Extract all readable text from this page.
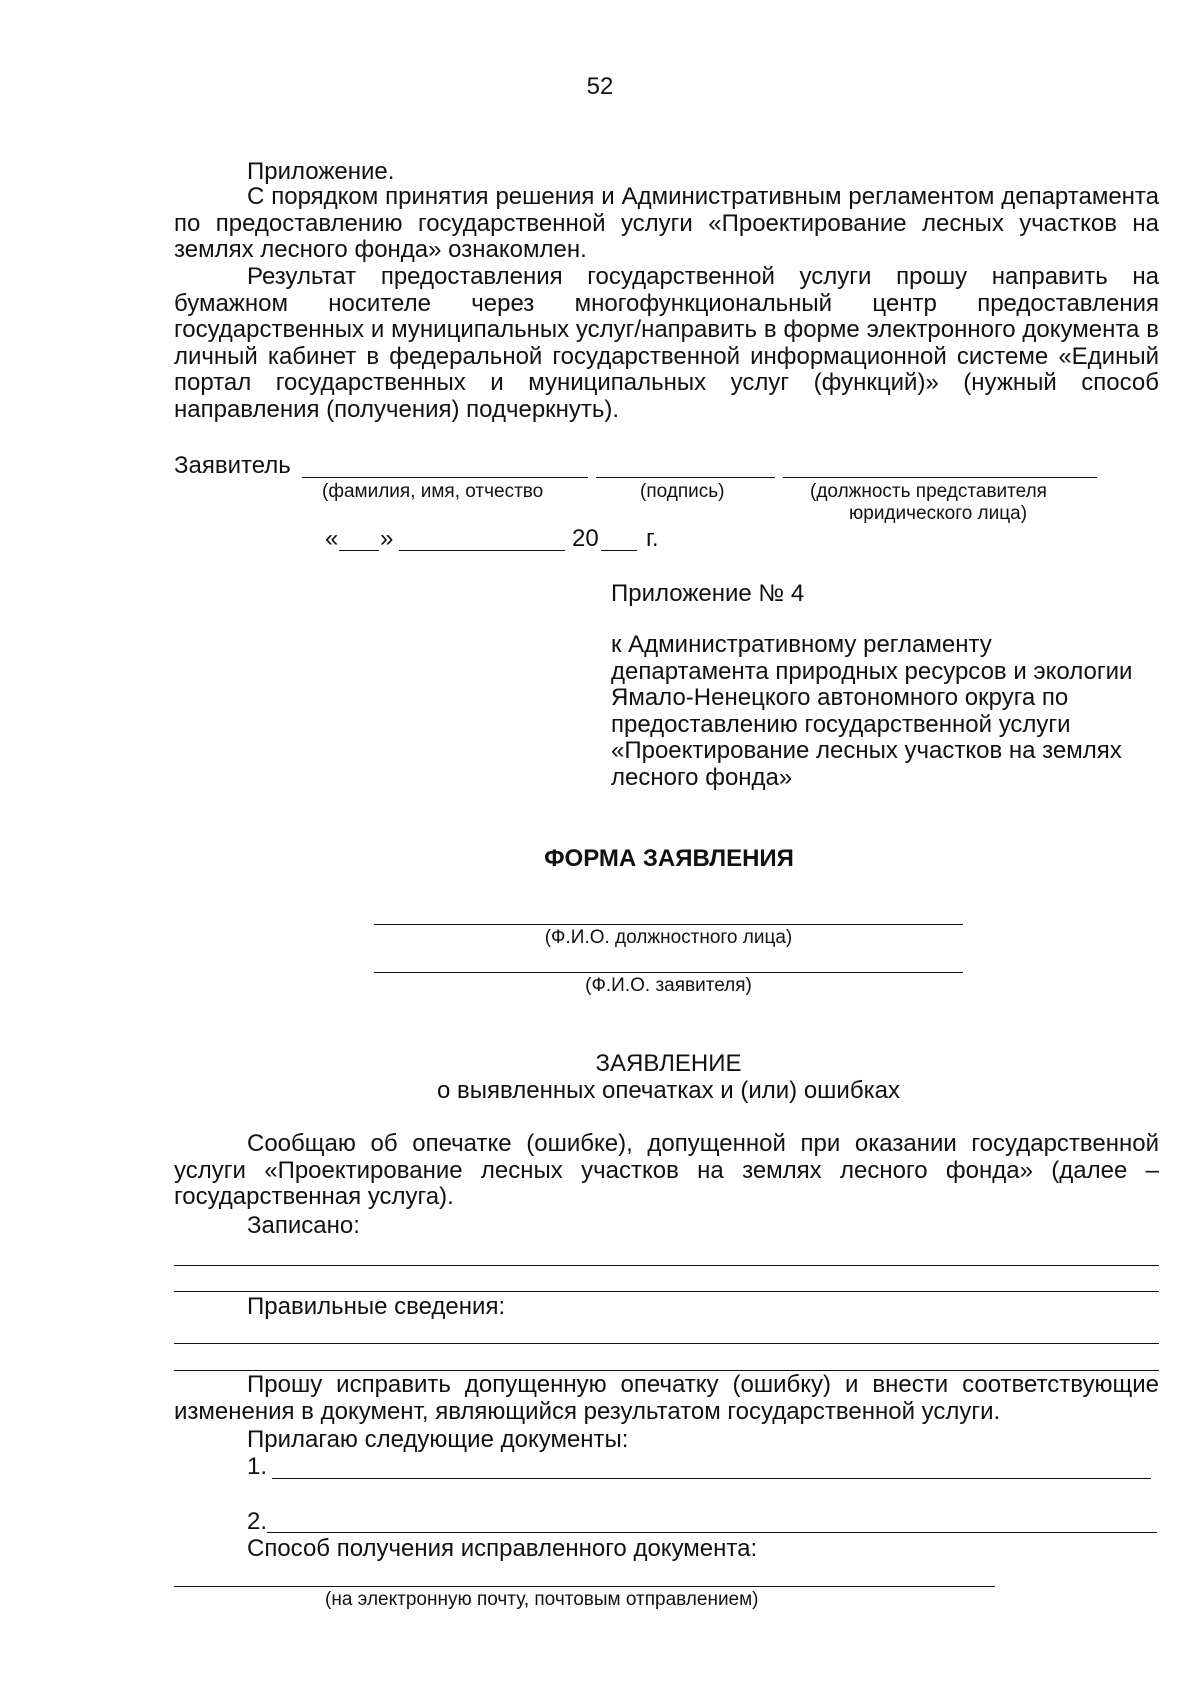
52
Приложение.

С порядком принятия решения и Административным регламентом департамента по предоставлению государственной услуги «Проектирование лесных участков на землях лесного фонда» ознакомлен.

Результат предоставления государственной услуги прошу направить на бумажном носителе через многофункциональный центр предоставления государственных и муниципальных услуг/направить в форме электронного документа в личный кабинет в федеральной государственной информационной системе «Единый портал государственных и муниципальных услуг (функций)» (нужный способ направления (получения) подчеркнуть).

Заявитель
(фамилия, имя, отчество	(подпись)	(должность представителя
юридического лица)
« »	20 г.
Приложение № 4
к Административному регламенту
департамента природных ресурсов и экологии
Ямало-Ненецкого автономного округа по
предоставлению государственной услуги
«Проектирование лесных участков на землях
лесного фонда»
ФОРМА ЗАЯВЛЕНИЯ
(Ф.И.О. должностного лица)
(Ф.И.О. заявителя)
ЗАЯВЛЕНИЕ
о выявленных опечатках и (или) ошибках

Сообщаю об опечатке (ошибке), допущенной при оказании государственной услуги «Проектирование лесных участков на землях лесного фонда» (далее – государственная услуга).

Записано:
Правильные сведения:

Прошу исправить допущенную опечатку (ошибку) и внести соответствующие изменения в документ, являющийся результатом государственной услуги.

Прилагаю следующие документы:
1.
2.
Способ получения исправленного документа:
(на электронную почту, почтовым отправлением)
